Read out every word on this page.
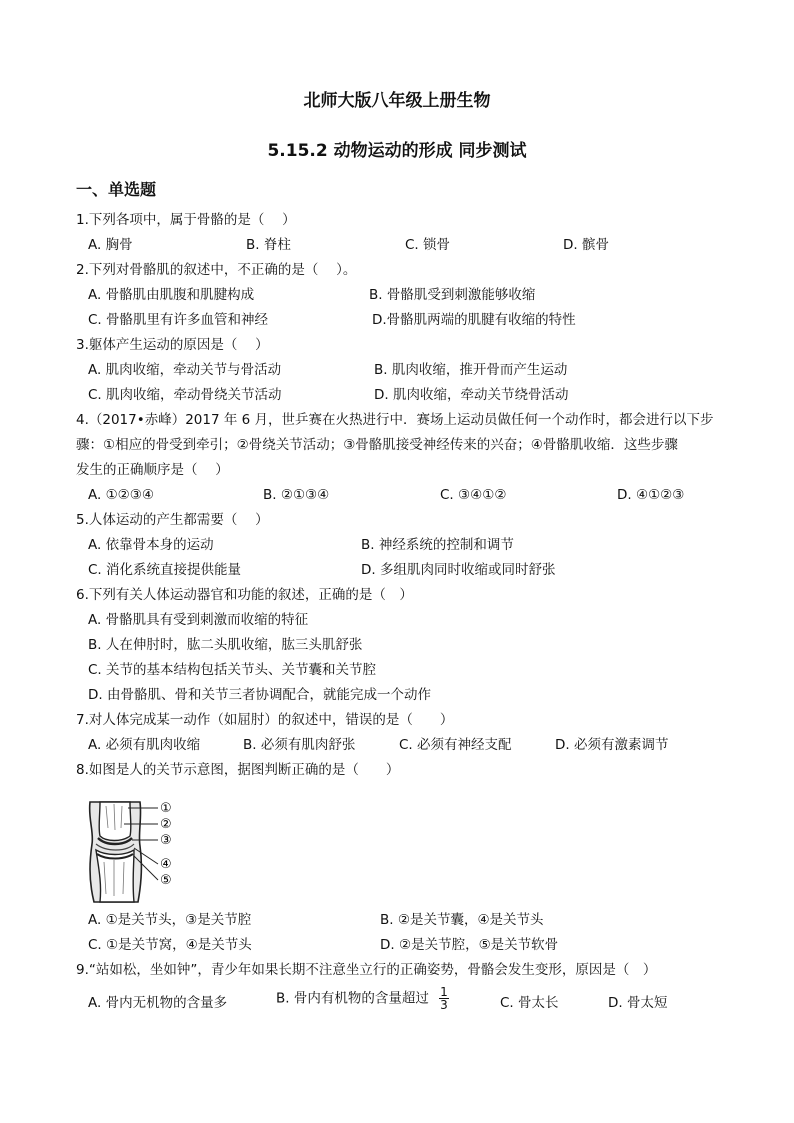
北师大版八年级上册生物
5.15.2 动物运动的形成 同步测试
一、单选题
1.下列各项中，属于骨骼的是（　 ）
A. 胸骨	B. 脊柱	C. 锁骨	D. 髌骨
2.下列对骨骼肌的叙述中，不正确的是（　 ）。
A. 骨骼肌由肌腹和肌腱构成	B. 骨骼肌受到刺激能够收缩
C. 骨骼肌里有许多血管和神经	D.骨骼肌两端的肌腱有收缩的特性
3.躯体产生运动的原因是（　 ）
A. 肌肉收缩，牵动关节与骨活动	B. 肌肉收缩，推开骨而产生运动
C. 肌肉收缩，牵动骨绕关节活动	D. 肌肉收缩，牵动关节绕骨活动
4.（2017•赤峰）2017 年 6 月，世乒赛在火热进行中．赛场上运动员做任何一个动作时，都会进行以下步
骤：①相应的骨受到牵引；②骨绕关节活动；③骨骼肌接受神经传来的兴奋；④骨骼肌收缩．这些步骤
发生的正确顺序是（　 ）
A. ①②③④	B. ②①③④	C. ③④①②	D. ④①②③
5.人体运动的产生都需要（　 ）
A. 依靠骨本身的运动	B. 神经系统的控制和调节
C. 消化系统直接提供能量	D. 多组肌肉同时收缩或同时舒张
6.下列有关人体运动器官和功能的叙述，正确的是（　）
A. 骨骼肌具有受到刺激而收缩的特征
B. 人在伸肘时，肱二头肌收缩，肱三头肌舒张
C. 关节的基本结构包括关节头、关节囊和关节腔
D. 由骨骼肌、骨和关节三者协调配合，就能完成一个动作
7.对人体完成某一动作（如屈肘）的叙述中，错误的是（　　）
A. 必须有肌肉收缩	B. 必须有肌肉舒张	C. 必须有神经支配	D. 必须有激素调节
8.如图是人的关节示意图，据图判断正确的是（　　）
①
②
③
④
⑤
A. ①是关节头，③是关节腔	B. ②是关节囊，④是关节头
C. ①是关节窝，④是关节头	D. ②是关节腔，⑤是关节软骨
9.“站如松，坐如钟”，青少年如果长期不注意坐立行的正确姿势，骨骼会发生变形，原因是（　）
A. 骨内无机物的含量多	B. 骨内有机物的含量超过 $\frac{1}{3}$	C. 骨太长	D. 骨太短
